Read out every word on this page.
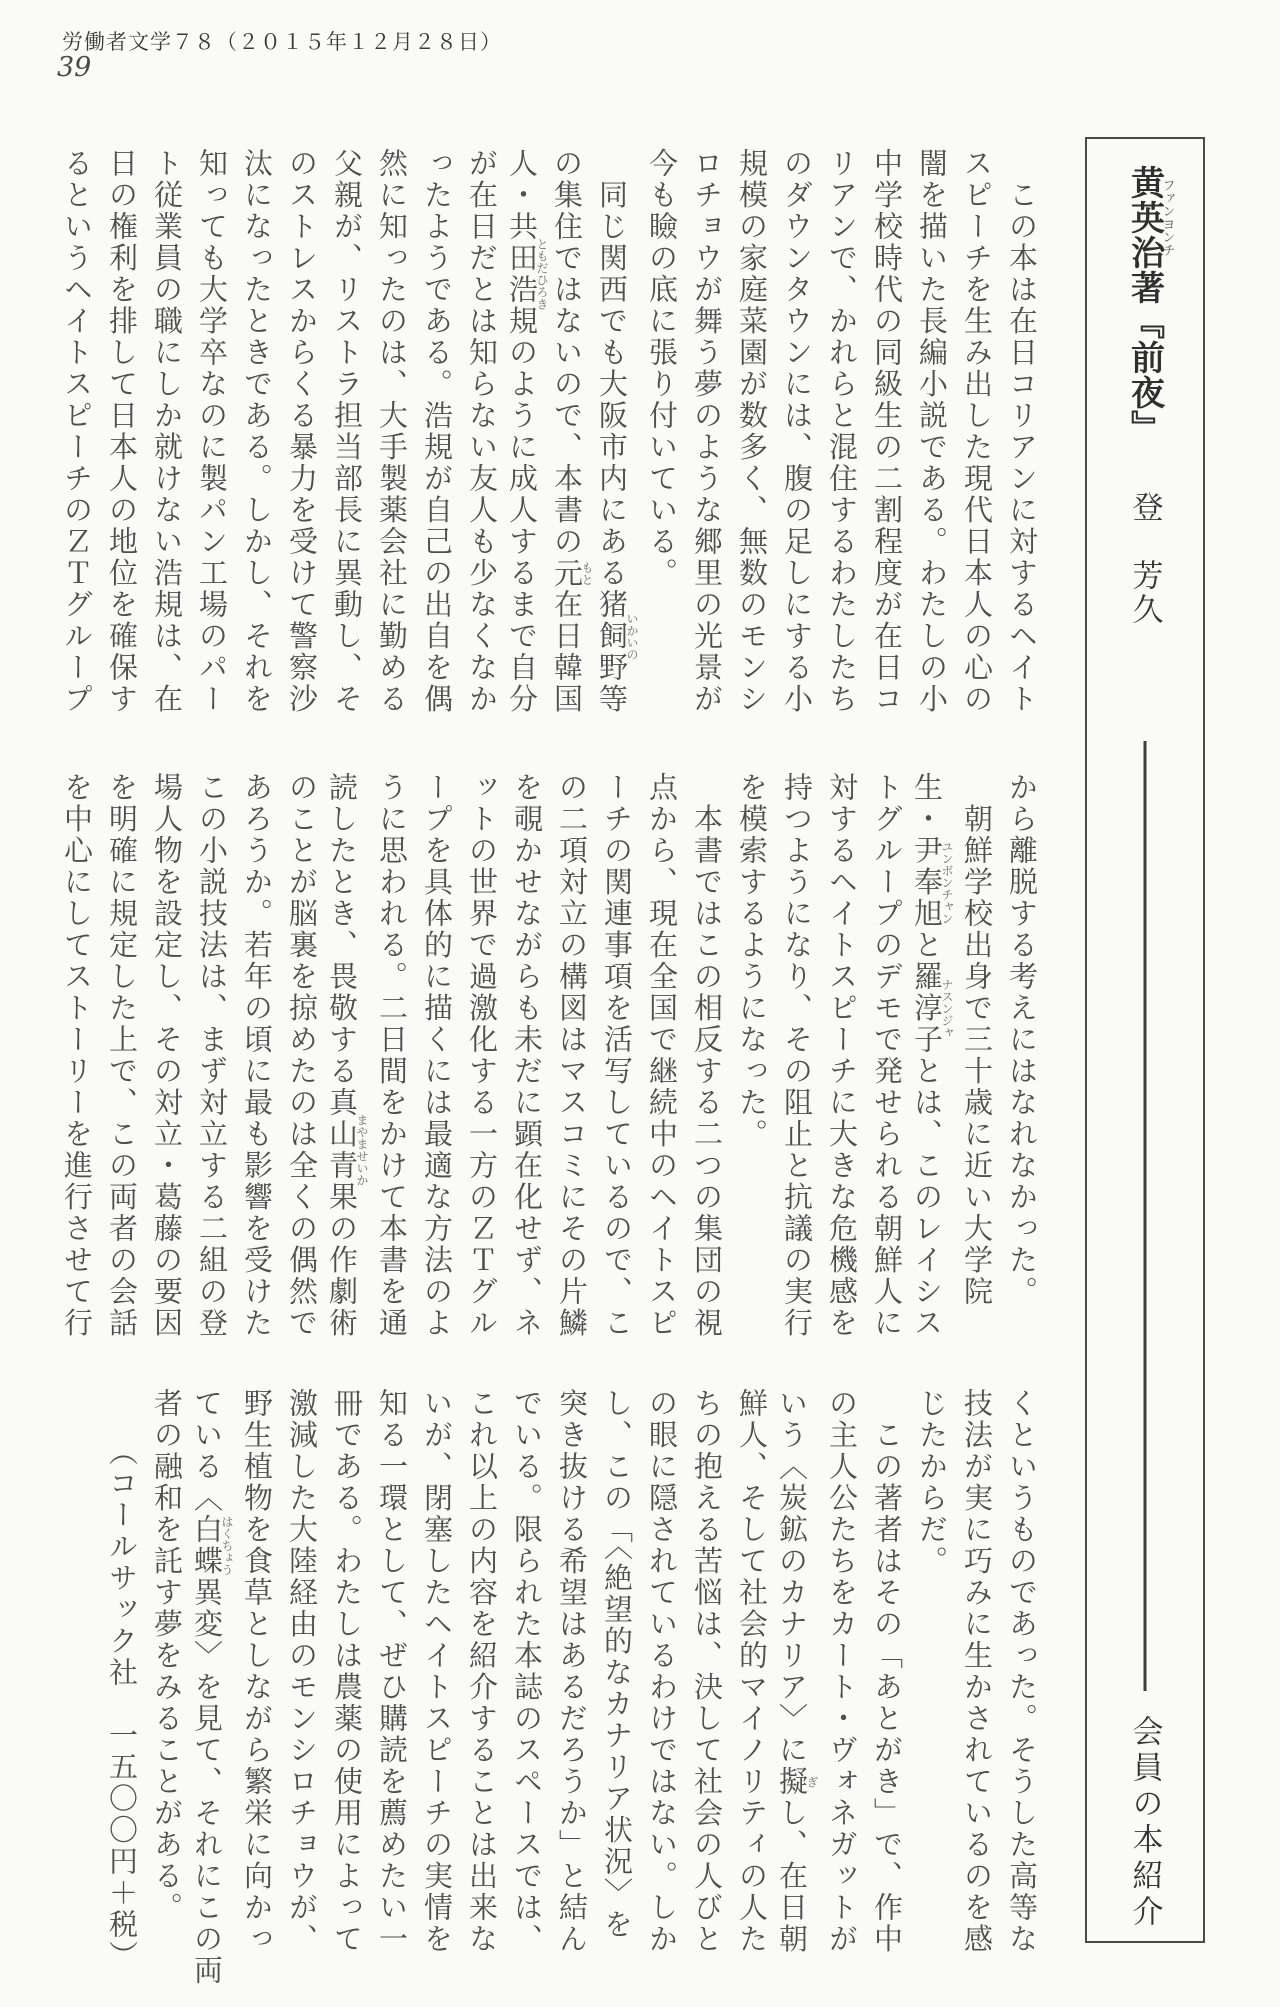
労働者文学７８（２０１５年１２月２８日）
39
黄英治ファンヨンチ著『前夜』
登　芳久
会員の本紹介
　この本は在日コリアンに対するヘイト
スピーチを生み出した現代日本人の心の
闇を描いた長編小説である。わたしの小
中学校時代の同級生の二割程度が在日コ
リアンで、かれらと混住するわたしたち
のダウンタウンには、腹の足しにする小
規模の家庭菜園が数多く、無数のモンシ
ロチョウが舞う夢のような郷里の光景が
今も瞼の底に張り付いている。
　同じ関西でも大阪市内にある猪飼野いかいの等
の集住ではないので、本書の元もと在日韓国
人・共田浩規ともだひろきのように成人するまで自分
が在日だとは知らない友人も少なくなか
ったようである。浩規が自己の出自を偶
然に知ったのは、大手製薬会社に勤める
父親が、リストラ担当部長に異動し、そ
のストレスからくる暴力を受けて警察沙
汰になったときである。しかし、それを
知っても大学卒なのに製パン工場のパー
ト従業員の職にしか就けない浩規は、在
日の権利を排して日本人の地位を確保す
るというヘイトスピーチのＺＴグループ
から離脱する考えにはなれなかった。
　朝鮮学校出身で三十歳に近い大学院
生・尹奉旭ユンボンチャンと羅淳子ナスンジャとは、このレイシス
トグループのデモで発せられる朝鮮人に
対するヘイトスピーチに大きな危機感を
持つようになり、その阻止と抗議の実行
を模索するようになった。
　本書ではこの相反する二つの集団の視
点から、現在全国で継続中のヘイトスピ
ーチの関連事項を活写しているので、こ
の二項対立の構図はマスコミにその片鱗
を覗かせながらも未だに顕在化せず、ネ
ットの世界で過激化する一方のＺＴグル
ープを具体的に描くには最適な方法のよ
うに思われる。二日間をかけて本書を通
読したとき、畏敬する真山青果まやませいかの作劇術
のことが脳裏を掠めたのは全くの偶然で
あろうか。若年の頃に最も影響を受けた
この小説技法は、まず対立する二組の登
場人物を設定し、その対立・葛藤の要因
を明確に規定した上で、この両者の会話
を中心にしてストーリーを進行させて行
くというものであった。そうした高等な
技法が実に巧みに生かされているのを感
じたからだ。
　この著者はその「あとがき」で、作中
の主人公たちをカート・ヴォネガットが
いう〈炭鉱のカナリア〉に擬ぎし、在日朝
鮮人、そして社会的マイノリティの人た
ちの抱える苦悩は、決して社会の人びと
の眼に隠されているわけではない。しか
し、この「〈絶望的なカナリア状況〉を
突き抜ける希望はあるだろうか」と結ん
でいる。限られた本誌のスペースでは、
これ以上の内容を紹介することは出来な
いが、閉塞したヘイトスピーチの実情を
知る一環として、ぜひ購読を薦めたい一
冊である。わたしは農薬の使用によって
激減した大陸経由のモンシロチョウが、
野生植物を食草としながら繁栄に向かっ
ている〈白蝶はくちょう異変〉を見て、それにこの両
者の融和を託す夢をみることがある。
　　（コールサック社　一五〇〇円＋税）
